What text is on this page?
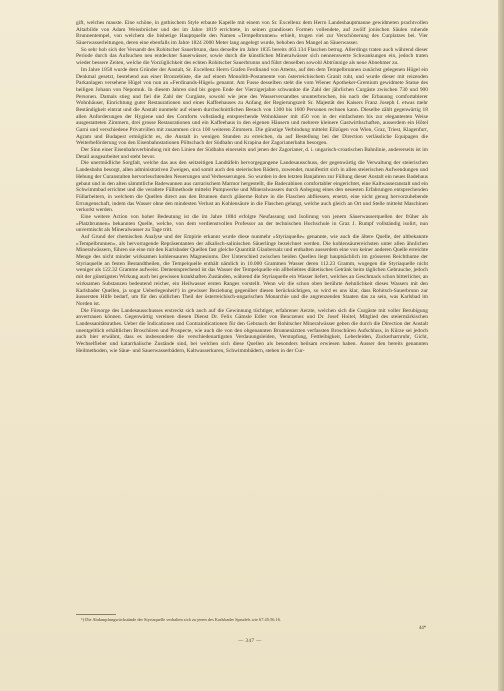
gift, welches mauste. Eine schöne, in gothischem Style erbaute Kapelle mit einem von Sr. Excellenz dem Herrn Landeshauptmanne gewidmeten prachtvollen Altarbilde von Adam Weissbrücher und der im Jahre 1819 errichtete, in seinen grandiosen Formen vollendete, auf zwölf jonischen Säulen ruhende Brunnentempel, von welchem die bisherige Hauptquelle den Namen »Tempelbrunnen« erhielt, trugen viel zur Verschönerung des Curplatzes bei. Vier Säuerwasserleitungen, deren eine ebenfalls im Jahre 1824 2000 Meter lang angelegt wurde, behoben den Mangel an Säuerwasser.

So sehr hob sich der Versandt des Rohitscher Sauerbrunn, dass derselbe im Jahre 1835 bereits 463.134 Flaschen betrug. Allerdings traten auch während dieser Periode durch das Aufsuchen neu entdeckter Sauerwässer, sowie durch die künstlichen Mineralwässer sich nennenswerte Schwankungen ein, jedoch traten wieder bessere Zeiten, welche die Vorzüglichkeit des echten Rohitscher Sauerbrunns und führt denselben sowohl Abtrünnige als neue Abnehmer zu.

Im Jahre 1858 wurde dem Gründer der Anstalt, Sr. Excellenz Herrn Grafen Ferdinand von Attems, auf den dem Tempelbrunnen zunächst gelegenen Hügel ein Denkmal gesetzt, bestehend aus einer Bronzebüste, die auf einem Monolith-Postamente von österreichischem Granit ruht, und wurde dieser mit reizenden Parkanlagen versehene Hügel von nun an »Ferdinands-Hügel« genannt. Am Fusse desselben steht die vom Wiener Apotheker-Gremium gewidmete Statue des heiligen Johann von Nepomuk. In diesem Jahren sind bis gegen Ende der Vierzigerjahre schwankte die Zahl der jährlichen Curgäste zwischen 730 und 900 Personen. Damals stieg und fiel die Zahl der Curgäste, sowohl wie jene des Wasserversandtes ununterbrochen, bis nach der Erbauung comfortablerer Wohnhäuser, Einrichtung guter Restaurationen und eines Kaffeehauses zu Anfang der Regierungszeit Sr. Majestät des Kaisers Franz Joseph I. etwas mehr Beständigkeit eintrat und die Anstalt nunmehr auf einem durchschnittlichen Besuch von 1300 bis 1600 Personen rechnen kann. Dieselbe zählt gegenwärtig 18 allen Anforderungen der Hygiene und des Comforts vollständig entsprechende Wohnhäuser mit 450 von in der einfachsten bis zur elegantesten Weise ausgestatteten Zimmern, drei grosse Restaurationen und ein Kaffeehaus in den eigenen Häusern und mehrere kleinere Gastwirthschaften, ausserdem ein Hôtel Garni und verschiedene Privatvillen mit zusammen circa 100 weiteren Zimmern. Die günstige Verbindung mittelst Eilzügen von Wien, Graz, Triest, Klagenfurt, Agram und Budapest ermöglicht es, die Anstalt in wenigen Stunden zu erreichen, da auf Bestellung bei der Direction verlässliche Equipagen die Weiterbeförderung von den Eisenbahnstationen Pöltschach der Südbahn und Krapina der Zagorianerbahn besorgen.

Der Sinn einer Eisenbahnverbindung mit den Linien der Südbahn einerseits und jenen der Zagorianer, d. i. ungarisch-croatischen Bahnlinie, andererseits ist im Detail ausgearbeitet und steht bevor.

Die unermüdliche Sorgfalt, welche das aus den seitzeitigen Landtäfeln hervorgegangene Landesausschuss, der gegenwärtig die Verwaltung der steierischen Landesbahn besorgt, allen administrativen Zweigen, und somit auch den steierischen Bädern, zuwendet, manifestirt sich in allen steierischen Aufwendungen und Hebung der Curanstalten hervorleuchtenden Neuerungen und Verbesserungen. So wurden in den letzten Banjahren zur Füllung dieser Anstalt ein neues Badehaus gebaut und in den alten sämmtliche Badewannen aus carrarischem Marmor hergestellt, die Badecabinen comfortabler eingerichtet, eine Kaltwasseranstalt und ein Schwimmbad errichtet und die veraltete Füllmethode mittelst Pumpwerke und Mineralwassers durch Anlegung eines den neuesten Erfahrungen entsprechenden Füllarbeitern, in welchem die Quellen direct aus den Brunnen durch gläserne Rohre in die Flaschen abfliessen, ersetzt, eine nicht genug hervorzuhebende Errungenschaft, indem das Wasser ohne den mindesten Verlust an Kohlensäure in die Flaschen gelangt, welche auch gleich an Ort und Stelle mittelst Maschinen verkorkt werden.

Eine weitere Action von hoher Bedeutung ist die im Jahre 1884 erfolgte Neufassung und Isolirung von jenem Säuerwasserquellen der früher als »Platzbrunnen« bekannten Quelle, welche, von dem verdienstvollen Professor an der technischen Hochschule in Graz J. Rumpf vollständig isolirt, nun unvermischt als Mineralwasser zu Tage tritt.

Auf Grund der chemischen Analyse und der Empirie erkannt wurde diese nunmehr »Styriaquelle« genannte, wie auch die ältere Quelle, der altbekannte »Tempelbrunnen«, als hervorragende Repräsentanten der alkalisch-salinischen Säuerlinge bezeichnet werden. Die kohlensäurereichsten unter allen ähnlichen Mineralwässern, führen sie eine mit den Karlsbader Quellen fast gleiche Quantität Glaubersalz und enthalten ausserdem eine von keiner anderen Quelle erreichte Menge des nicht minder wirksamen kohlensauren Magnesiums. Der Unterschied zwischen beiden Quellen liegt hauptsächlich im grösseren Reichthume der Styriaquelle an festen Bestandtheilen, die Tempelquelle enthält nämlich in 10.000 Grammen Wasser deren 112.23 Gramm, wogegen die Styriaquelle nicht weniger als 122.32 Gramme aufweist. Dementsprechend ist das Wasser der Tempelquelle ein allbeliebtes diätetisches Getränk beim täglichen Gebrauche, jedoch mit der günstigsten Wirkung auch bei gewissen krankhaften Zuständen, während die Styriaquelle ein Wasser liefert, welches an Geschmack schon bitterlicher, an wirksamen Substanzen bedeutend reicher, ein Heilwasser ersten Ranges vorstellt. Wenn wir die schon oben berührte Aehnlichkeit dieses Wassers mit den Karlsbader Quellen, ja sogar Ueberlegenheit¹) in gewisser Beziehung gegenüber diesen berücksichtigen, so wird es uns klar, dass Rohitsch-Sauerbrunn zur äussersten Hilfe bedarf, um für den südlichen Theil der österreichisch-ungarischen Monarchie und die angrenzenden Staaten das zu sein, was Karlsbad im Norden ist.

Die Fürsorge des Landesausschusses erstreckt sich auch auf die Gewinnung tüchtiger, erfahrener Aerzte, welchen sich die Curgäste mit voller Berubigung anvertrauen können. Gegenwärtig vereinen diesen Dienst Dr. Felix Gämsle Edler von Benczenez und Dr. Josef Hoitel, Mitglied des steiermärkischen Landessanitätsrathes. Ueber die Indicationen und Contraindicationen für den Gebrauch der Rohitscher Mineralwässer geben die durch die Direction der Anstalt unentgeltlich erhältlichen Broschüren und Prospecte, wie auch die von den obgenannten Brunnenärzten verfassten Broschüren Aufschluss, in Kürze sei jedoch auch hier erwähnt, dass es insbesondere die verschiedenartigsten Verdauungsleiden, Verstopfung, Fettleibigkeit, Leberleiden, Zuckerharnruhr, Gicht, Wechselfieber und katarrhalische Zustände sind, bei welchen sich diese Quellen als besonders heilsam erwiesen haben. Ausser den bereits genannten Heilmethoden, wie Säue- und Sauerwasserbädern, Kaltwasserkuren, Schwimmbädern, stehen in der Cur-

¹) Die Abdampfungsrückstände der Styriaquelle verhalten sich zu jenen des Karlsbader Sprudels wie 67.45:56.16.
— 347 —
44*
